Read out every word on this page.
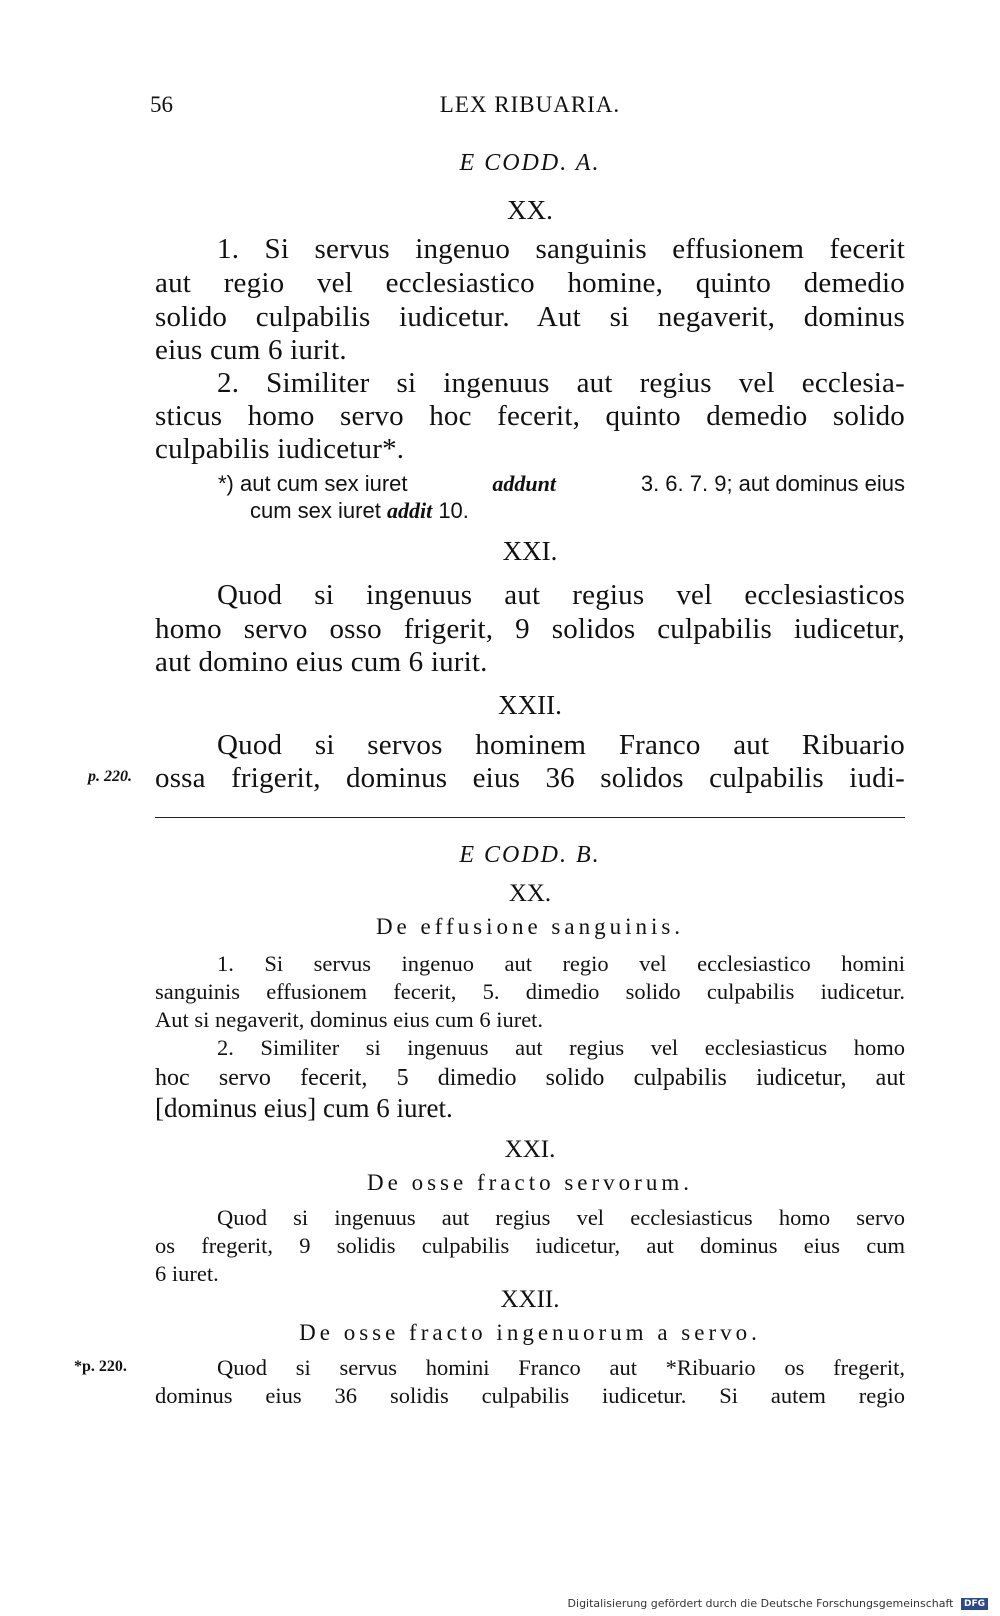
56	LEX RIBUARIA.
E CODD. A.
XX.
1. Si servus ingenuo sanguinis effusionem fecerit
aut regio vel ecclesiastico homine, quinto demedio
solido culpabilis iudicetur. Aut si negaverit, dominus
eius cum 6 iurit.
2. Similiter si ingenuus aut regius vel ecclesia-
sticus homo servo hoc fecerit, quinto demedio solido
culpabilis iudicetur*.
*) aut cum sex iuret	addunt	3. 6. 7. 9; aut dominus eius
cum sex iuret addit 10.
XXI.
Quod si ingenuus aut regius vel ecclesiasticos
homo servo osso frigerit, 9 solidos culpabilis iudicetur,
aut domino eius cum 6 iurit.
XXII.
Quod si servos hominem Franco aut Ribuario
p. 220. ossa frigerit, dominus eius 36 solidos culpabilis iudi-
E CODD. B.
XX.
De effusione sanguinis.
1. Si servus ingenuo aut regio vel ecclesiastico homini
sanguinis effusionem fecerit, 5. dimedio solido culpabilis iudicetur.
Aut si negaverit, dominus eius cum 6 iuret.
2. Similiter si ingenuus aut regius vel ecclesiasticus homo
hoc servo fecerit, 5 dimedio solido culpabilis iudicetur, aut
[dominus eius] cum 6 iuret.
XXI.
De osse fracto servorum.
Quod si ingenuus aut regius vel ecclesiasticus homo servo
os fregerit, 9 solidis culpabilis iudicetur, aut dominus eius cum
6 iuret.
XXII.
De osse fracto ingenuorum a servo.
*p. 220.	Quod si servus homini Franco aut *Ribuario os fregerit,
dominus eius 36 solidis culpabilis iudicetur. Si autem regio
Digitalisierung gefördert durch die Deutsche Forschungsgemeinschaft DFG
